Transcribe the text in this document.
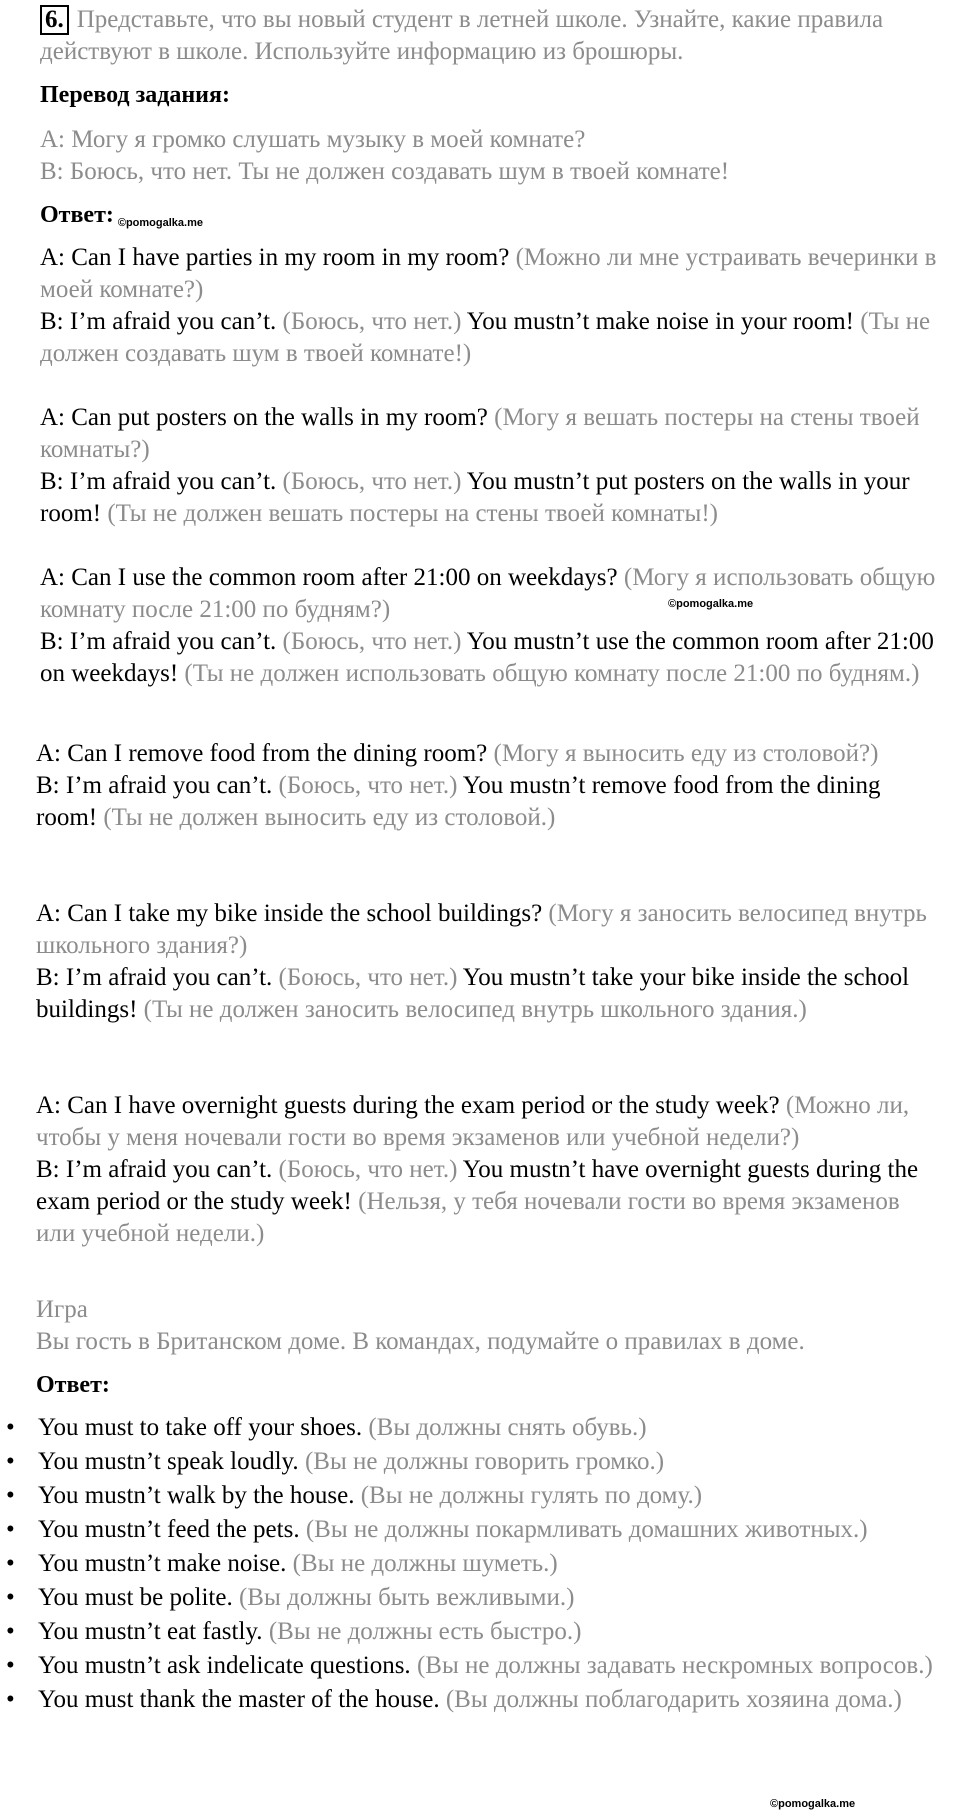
6. Представьте, что вы новый студент в летней школе. Узнайте, какие правила действуют в школе. Используйте информацию из брошюры.
Перевод задания:
А: Могу я громко слушать музыку в моей комнате?
В: Боюсь, что нет. Ты не должен создавать шум в твоей комнате!
Ответ: ©pomogalka.me
A: Can I have parties in my room in my room? (Можно ли мне устраивать вечеринки в моей комнате?)
B: I’m afraid you can’t. (Боюсь, что нет.) You mustn’t make noise in your room! (Ты не должен создавать шум в твоей комнате!)
A: Can put posters on the walls in my room? (Могу я вешать постеры на стены твоей комнаты?)
B: I’m afraid you can’t. (Боюсь, что нет.) You mustn’t put posters on the walls in your room! (Ты не должен вешать постеры на стены твоей комнаты!)
A: Can I use the common room after 21:00 on weekdays? (Могу я использовать общую комнату после 21:00 по будням?)
B: I’m afraid you can’t. (Боюсь, что нет.) You mustn’t use the common room after 21:00 on weekdays! (Ты не должен использовать общую комнату после 21:00 по будням.)
©pomogalka.me
A: Can I remove food from the dining room? (Могу я выносить еду из столовой?)
B: I’m afraid you can’t. (Боюсь, что нет.) You mustn’t remove food from the dining room! (Ты не должен выносить еду из столовой.)
A: Can I take my bike inside the school buildings? (Могу я заносить велосипед внутрь школьного здания?)
B: I’m afraid you can’t. (Боюсь, что нет.) You mustn’t take your bike inside the school buildings! (Ты не должен заносить велосипед внутрь школьного здания.)
A: Can I have overnight guests during the exam period or the study week? (Можно ли, чтобы у меня ночевали гости во время экзаменов или учебной недели?)
B: I’m afraid you can’t. (Боюсь, что нет.) You mustn’t have overnight guests during the exam period or the study week! (Нельзя, у тебя ночевали гости во время экзаменов или учебной недели.)
Игра
Вы гость в Британском доме. В командах, подумайте о правилах в доме.
Ответ:
• You must to take off your shoes. (Вы должны снять обувь.)
• You mustn’t speak loudly. (Вы не должны говорить громко.)
• You mustn’t walk by the house. (Вы не должны гулять по дому.)
• You mustn’t feed the pets. (Вы не должны покармливать домашних животных.)
• You mustn’t make noise. (Вы не должны шуметь.)
• You must be polite. (Вы должны быть вежливыми.)
• You mustn’t eat fastly. (Вы не должны есть быстро.)
• You mustn’t ask indelicate questions. (Вы не должны задавать нескромных вопросов.)
• You must thank the master of the house. (Вы должны поблагодарить хозяина дома.)
©pomogalka.me
